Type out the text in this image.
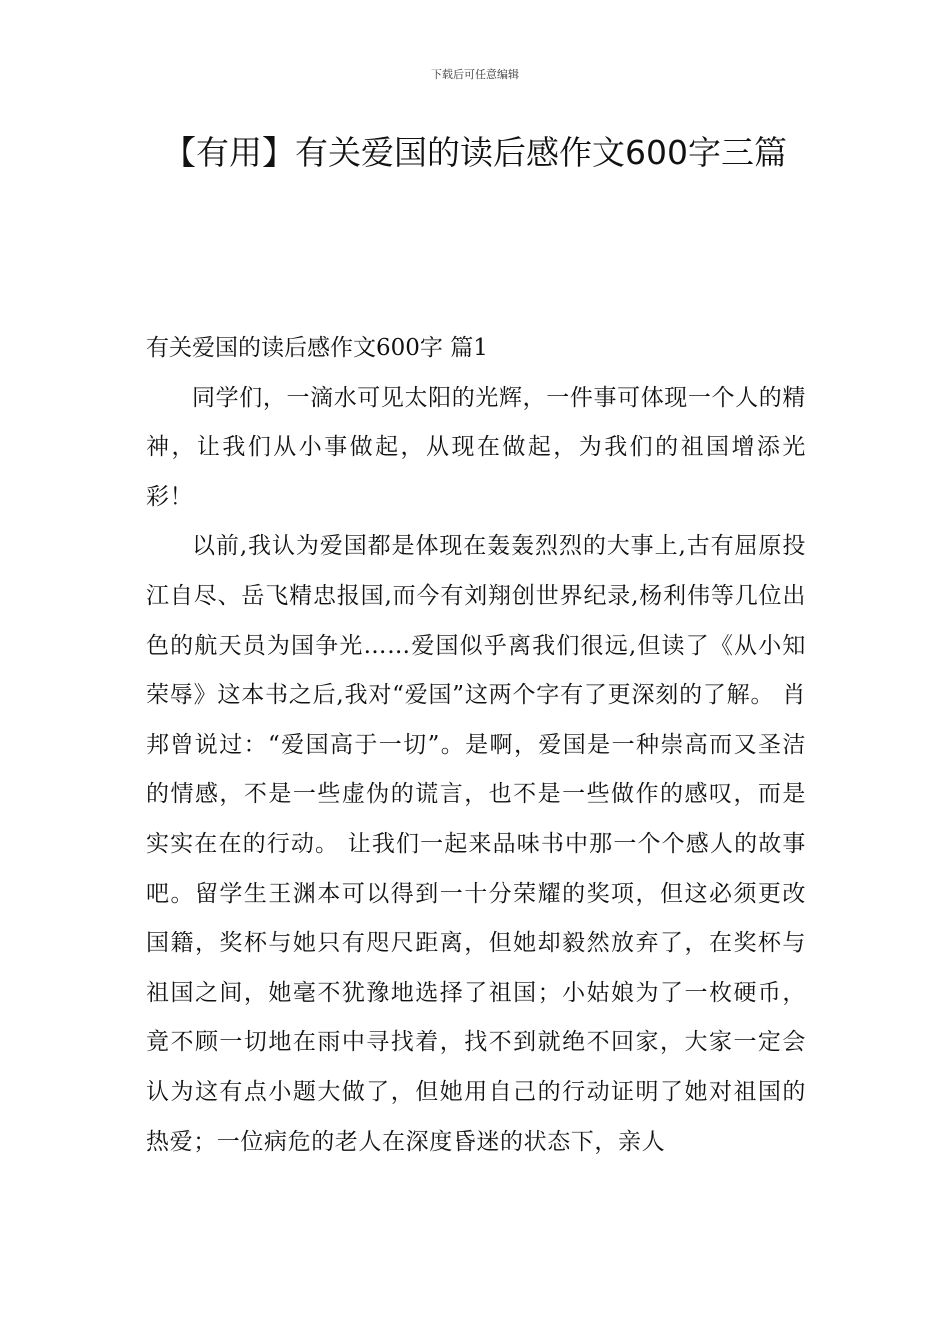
下载后可任意编辑
【有用】有关爱国的读后感作文600字三篇
有关爱国的读后感作文600字 篇1

同学们，一滴水可见太阳的光辉，一件事可体现一个人的精神，让我们从小事做起，从现在做起，为我们的祖国增添光彩！

以前,我认为爱国都是体现在轰轰烈烈的大事上,古有屈原投江自尽、岳飞精忠报国,而今有刘翔创世界纪录,杨利伟等几位出色的航天员为国争光……爱国似乎离我们很远,但读了《从小知荣辱》这本书之后,我对“爱国”这两个字有了更深刻的了解。 肖邦曾说过：“爱国高于一切”。是啊，爱国是一种崇高而又圣洁的情感，不是一些虚伪的谎言，也不是一些做作的感叹，而是实实在在的行动。 让我们一起来品味书中那一个个感人的故事吧。留学生王渊本可以得到一十分荣耀的奖项，但这必须更改国籍，奖杯与她只有咫尺距离，但她却毅然放弃了，在奖杯与祖国之间，她毫不犹豫地选择了祖国；小姑娘为了一枚硬币，竟不顾一切地在雨中寻找着，找不到就绝不回家，大家一定会认为这有点小题大做了，但她用自己的行动证明了她对祖国的热爱；一位病危的老人在深度昏迷的状态下，亲人
